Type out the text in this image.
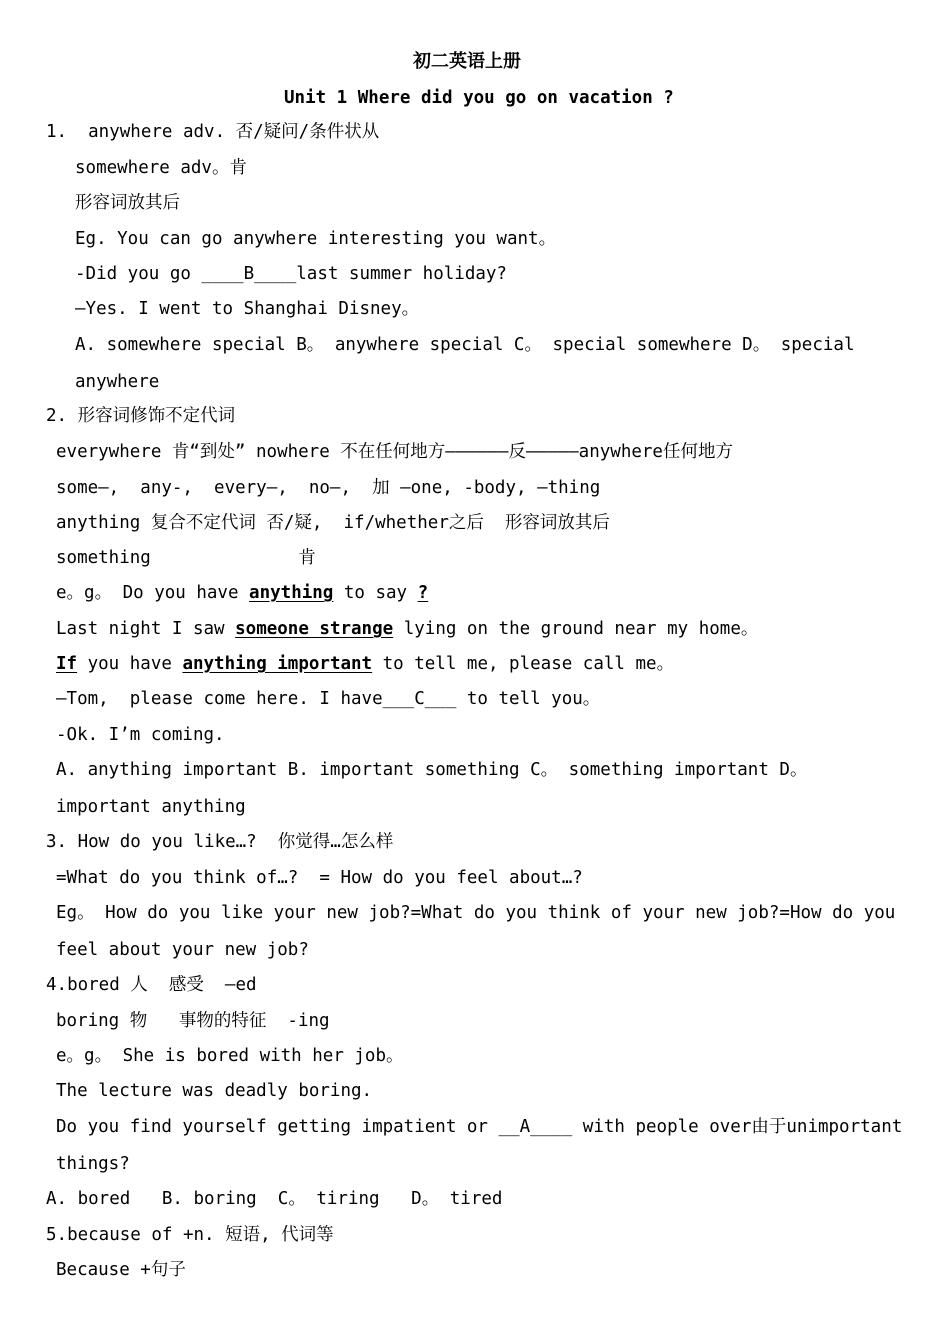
初二英语上册
Unit 1 Where did you go on vacation ?
1.  anywhere adv. 否/疑问/条件状从
somewhere adv。肯
形容词放其后
Eg. You can go anywhere interesting you want。
-Did you go ____B____last summer holiday?
—Yes. I went to Shanghai Disney。
A. somewhere special B。 anywhere special C。 special somewhere D。 special
anywhere
2. 形容词修饰不定代词
everywhere 肯“到处” nowhere 不在任何地方——————反—————anywhere任何地方
some—,  any-,  every—,  no—,  加 –one, -body, —thing
anything 复合不定代词 否/疑,  if/whether之后  形容词放其后
something              肯
e。g。 Do you have anything to say ?
Last night I saw someone strange lying on the ground near my home。
If you have anything important to tell me, please call me。
—Tom,  please come here. I have___C___ to tell you。
-Ok. I’m coming.
A. anything important B. important something C。 something important D。
important anything
3. How do you like…?  你觉得…怎么样
=What do you think of…?  = How do you feel about…?
Eg。 How do you like your new job?=What do you think of your new job?=How do you
feel about your new job?
4.bored 人  感受  —ed
boring 物   事物的特征  -ing
e。g。 She is bored with her job。
The lecture was deadly boring.
Do you find yourself getting impatient or __A____ with people over由于unimportant
things?
A. bored   B. boring  C。 tiring   D。 tired
5.because of +n. 短语, 代词等
Because +句子
